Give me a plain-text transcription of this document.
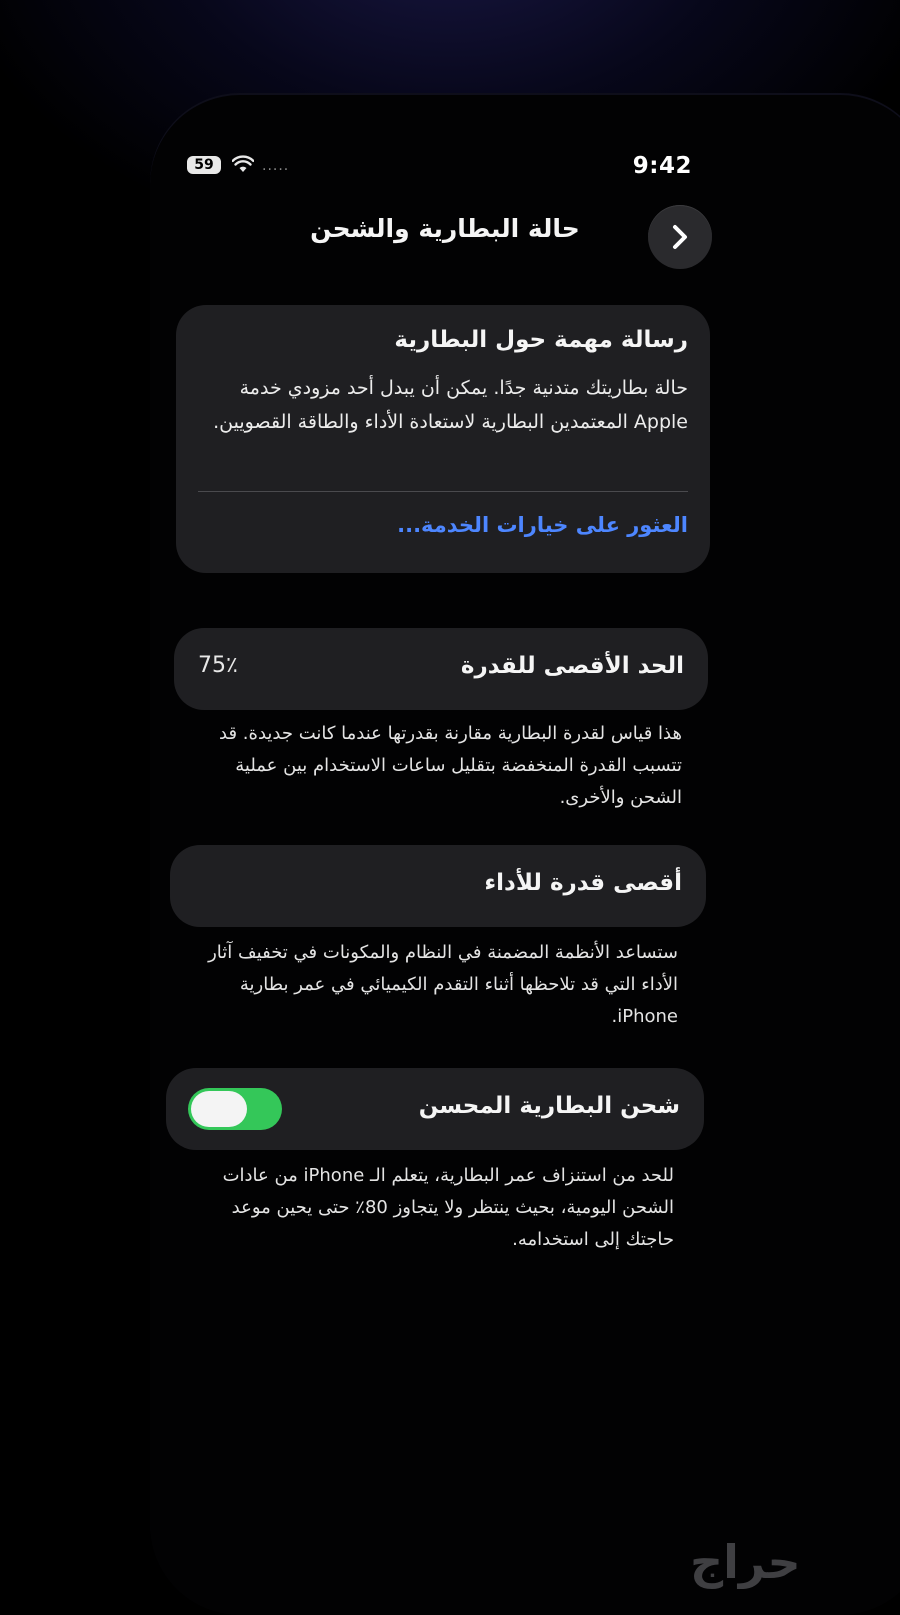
59	.....	9:42
حالة البطارية والشحن
رسالة مهمة حول البطارية
حالة بطاريتك متدنية جدًا. يمكن أن يبدل أحد مزودي خدمة Apple المعتمدين البطارية لاستعادة الأداء والطاقة القصويين.
العثور على خيارات الخدمة...
الحد الأقصى للقدرة
75٪
هذا قياس لقدرة البطارية مقارنة بقدرتها عندما كانت جديدة. قد تتسبب القدرة المنخفضة بتقليل ساعات الاستخدام بين عملية الشحن والأخرى.
أقصى قدرة للأداء
ستساعد الأنظمة المضمنة في النظام والمكونات في تخفيف آثار الأداء التي قد تلاحظها أثناء التقدم الكيميائي في عمر بطارية iPhone.
شحن البطارية المحسن
للحد من استنزاف عمر البطارية، يتعلم الـ iPhone من عادات الشحن اليومية، بحيث ينتظر ولا يتجاوز 80٪ حتى يحين موعد حاجتك إلى استخدامه.
حراج
